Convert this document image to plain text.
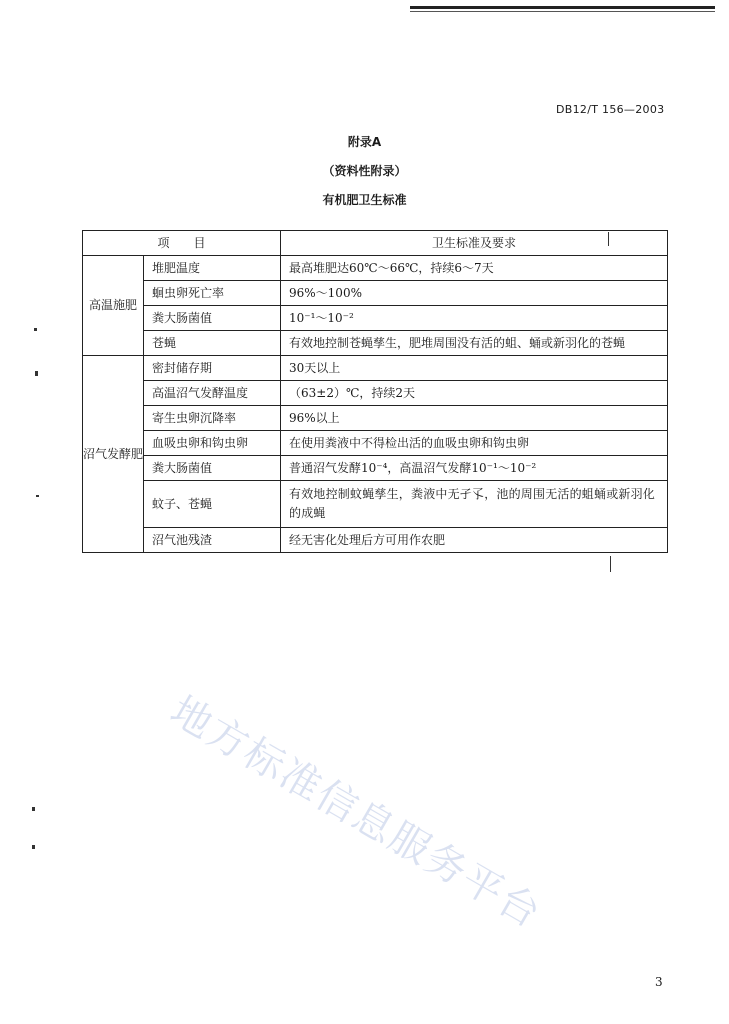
DB12/T 156—2003
附录A
（资料性附录）
有机肥卫生标准
项　　目		卫生标准及要求
高温施肥	堆肥温度	最高堆肥达60℃～66℃，持续6～7天
	蛔虫卵死亡率	96%～100%
	粪大肠菌值	10⁻¹～10⁻²
	苍蝇	有效地控制苍蝇孳生，肥堆周围没有活的蛆、蛹或新羽化的苍蝇
沼气发酵肥	密封储存期	30天以上
	高温沼气发酵温度	（63±2）℃，持续2天
	寄生虫卵沉降率	96%以上
	血吸虫卵和钩虫卵	在使用粪液中不得检出活的血吸虫卵和钩虫卵
	粪大肠菌值	普通沼气发酵10⁻⁴，高温沼气发酵10⁻¹～10⁻²
	蚊子、苍蝇	有效地控制蚊蝇孳生，粪液中无孑孓，池的周围无活的蛆蛹或新羽化的成蝇
	沼气池残渣	经无害化处理后方可用作农肥
地方标准信息服务平台
3
